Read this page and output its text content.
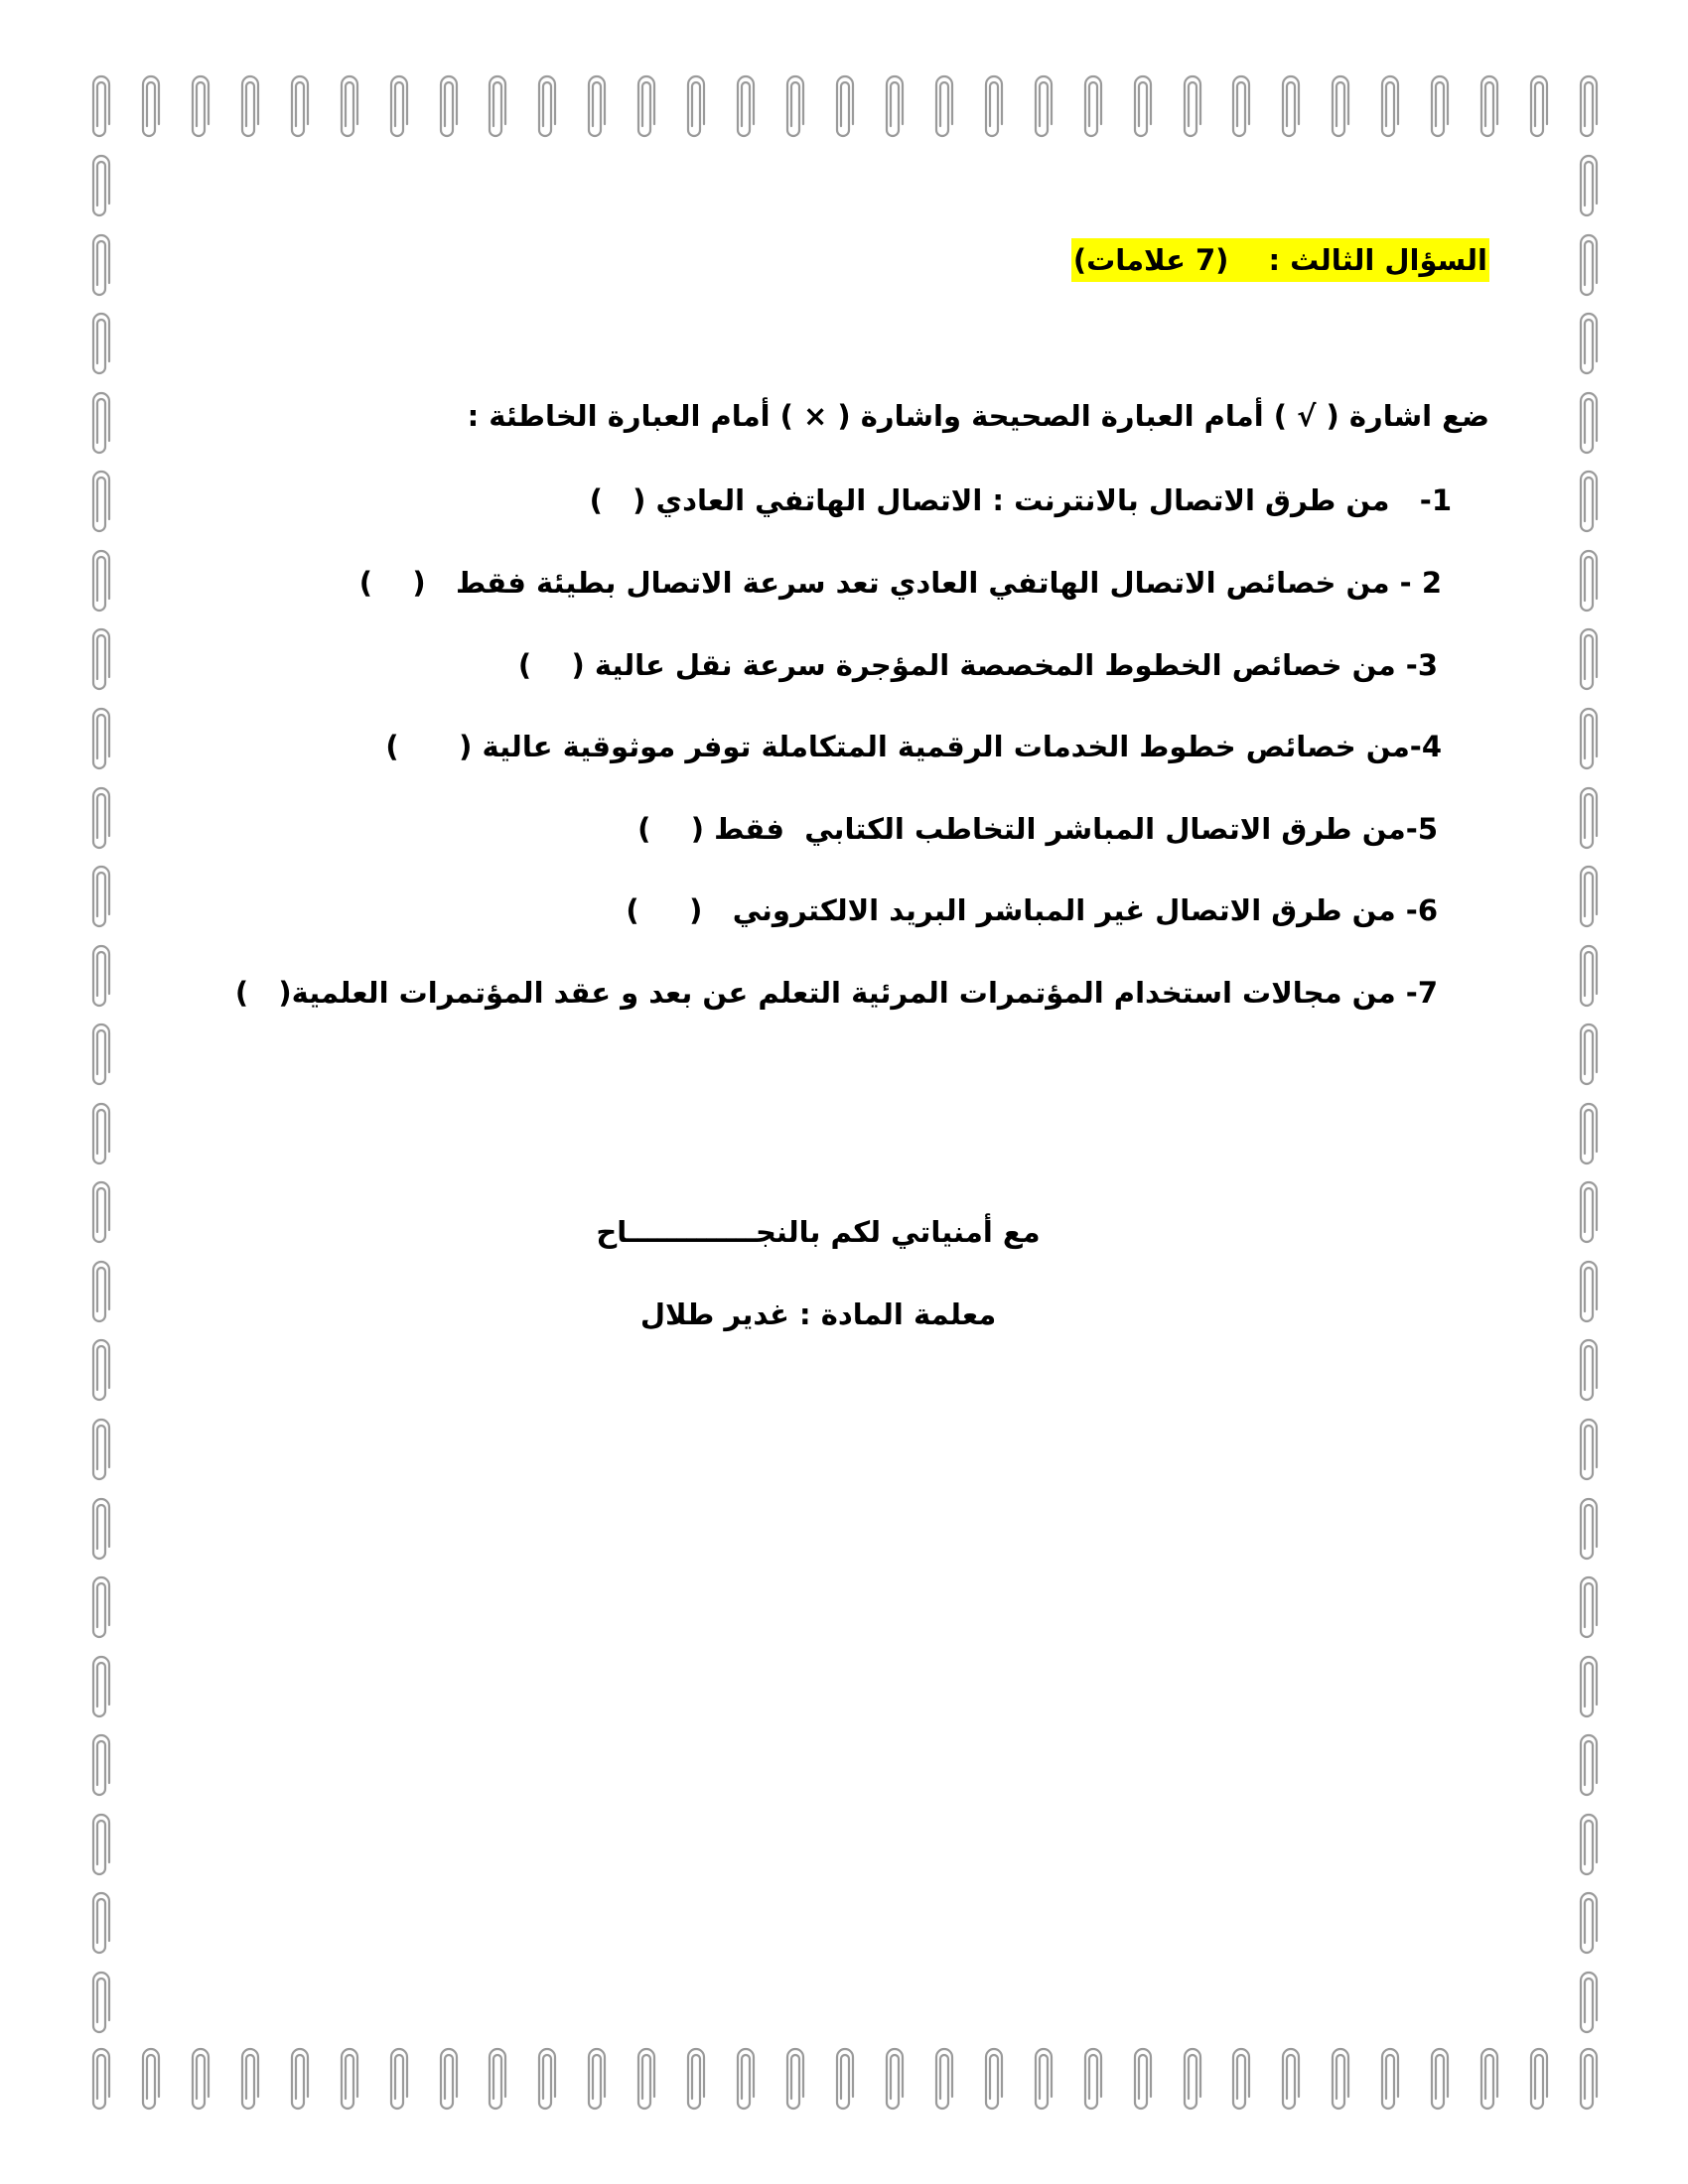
السؤال الثالث :(7 علامات)
ضع اشارة ( √ ) أمام العبارة الصحيحة واشارة ( × ) أمام العبارة الخاطئة :
1-   من طرق الاتصال بالانترنت : الاتصال الهاتفي العادي (   )
2 - من خصائص الاتصال الهاتفي العادي تعد سرعة الاتصال بطيئة فقط   (    )
3- من خصائص الخطوط المخصصة المؤجرة سرعة نقل عالية (    )
4-من خصائص خطوط الخدمات الرقمية المتكاملة توفر موثوقية عالية (      )
5-من طرق الاتصال المباشر التخاطب الكتابي  فقط (    )
6- من طرق الاتصال غير المباشر البريد الالكتروني   (     )
7- من مجالات استخدام المؤتمرات المرئية التعلم عن بعد و عقد المؤتمرات العلمية(   )
مع أمنياتي لكم بالنجـــــــــــــاح
معلمة المادة : غدير طلال
